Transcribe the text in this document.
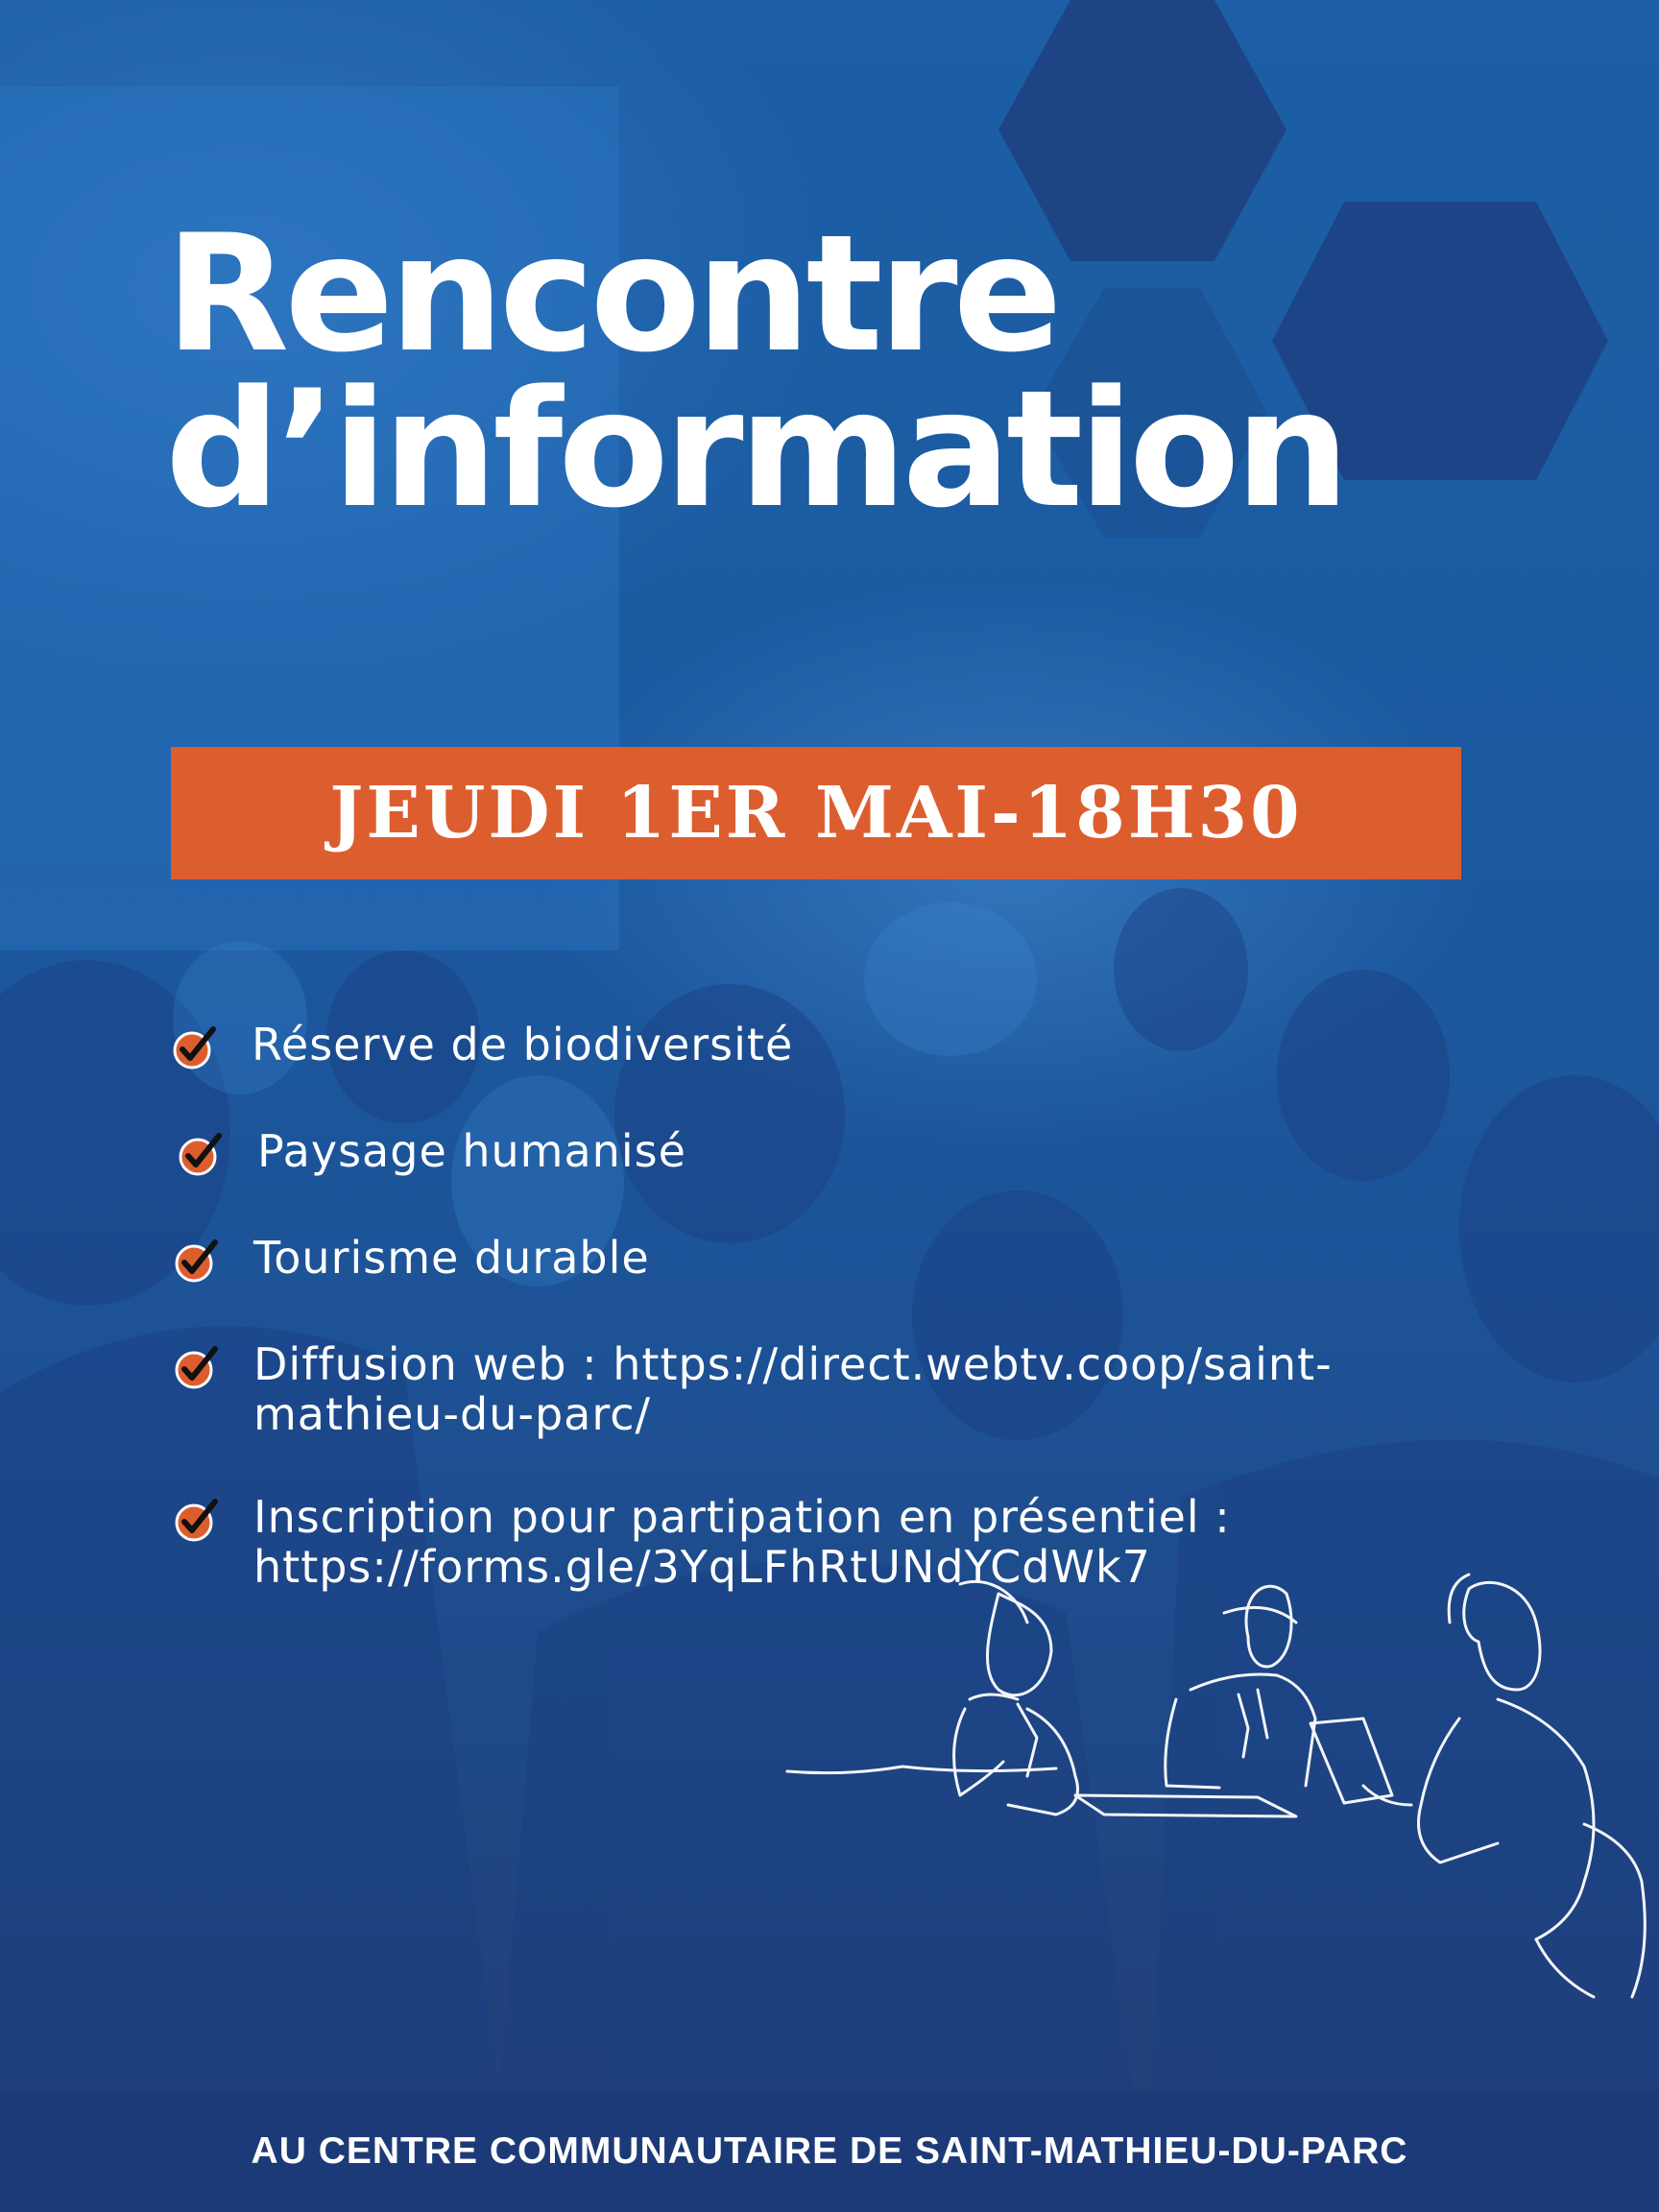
Rencontre
d’information
JEUDI 1ER MAI-18H30
Réserve de biodiversité
Paysage humanisé
Tourisme durable
Diffusion web : https://direct.webtv.coop/saint-
mathieu-du-parc/
Inscription pour partipation en présentiel :
https://forms.gle/3YqLFhRtUNdYCdWk7
AU CENTRE COMMUNAUTAIRE DE SAINT-MATHIEU-DU-PARC
